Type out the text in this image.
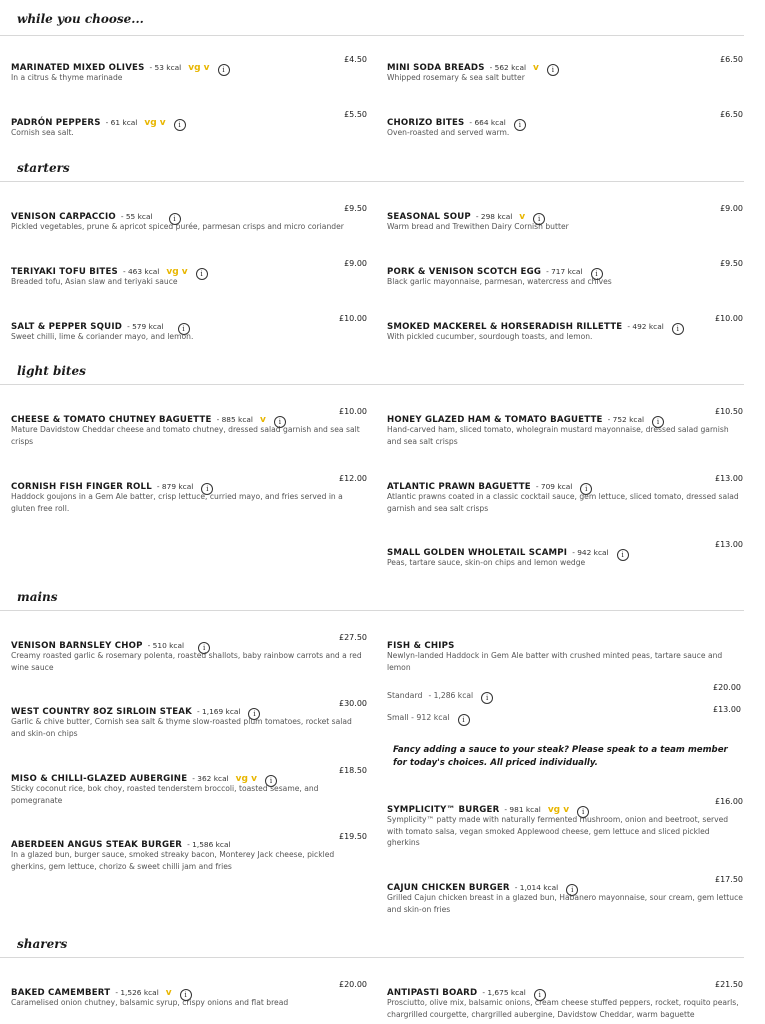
while you choose...
MARINATED MIXED OLIVES - 53 kcal vg v i
£4.50
In a citrus & thyme marinade
MINI SODA BREADS - 562 kcal v i
£6.50
Whipped rosemary & sea salt butter
PADRÓN PEPPERS - 61 kcal vg v i
£5.50
Cornish sea salt.
CHORIZO BITES - 664 kcal i
£6.50
Oven-roasted and served warm.
starters
VENISON CARPACCIO - 55 kcal	i
£9.50
Pickled vegetables, prune & apricot spiced purée, parmesan crisps and micro coriander
SEASONAL SOUP - 298 kcal v i
£9.00
Warm bread and Trewithen Dairy Cornish butter
TERIYAKI TOFU BITES - 463 kcal vg v i
£9.00
Breaded tofu, Asian slaw and teriyaki sauce
PORK & VENISON SCOTCH EGG - 717 kcal i
£9.50
Black garlic mayonnaise, parmesan, watercress and chives
SALT & PEPPER SQUID - 579 kcal	i
£10.00
Sweet chilli, lime & coriander mayo, and lemon.
SMOKED MACKEREL & HORSERADISH RILLETTE - 492 kcal i
£10.00
With pickled cucumber, sourdough toasts, and lemon.
light bites
CHEESE & TOMATO CHUTNEY BAGUETTE - 885 kcal v i
£10.00
Mature Davidstow Cheddar cheese and tomato chutney, dressed salad garnish and sea salt crisps
HONEY GLAZED HAM & TOMATO BAGUETTE - 752 kcal i
£10.50
Hand-carved ham, sliced tomato, wholegrain mustard mayonnaise, dressed salad garnish and sea salt crisps
CORNISH FISH FINGER ROLL - 879 kcal i
£12.00
Haddock goujons in a Gem Ale batter, crisp lettuce, curried mayo, and fries served in a gluten free roll.
ATLANTIC PRAWN BAGUETTE - 709 kcal i
£13.00
Atlantic prawns coated in a classic cocktail sauce, gem lettuce, sliced tomato, dressed salad garnish and sea salt crisps
SMALL GOLDEN WHOLETAIL SCAMPI - 942 kcal i
£13.00
Peas, tartare sauce, skin-on chips and lemon wedge
mains
VENISON BARNSLEY CHOP - 510 kcal	i
£27.50
Creamy roasted garlic & rosemary polenta, roasted shallots, baby rainbow carrots and a red wine sauce
FISH & CHIPS
Newlyn-landed Haddock in Gem Ale batter with crushed minted peas, tartare sauce and lemon
Standard - 1,286 kcal i
£20.00
Small - 912 kcal i
£13.00
Fancy adding a sauce to your steak? Please speak to a team member for today's choices. All priced individually.
WEST COUNTRY 8OZ SIRLOIN STEAK - 1,169 kcal i
£30.00
Garlic & chive butter, Cornish sea salt & thyme slow-roasted plum tomatoes, rocket salad and skin-on chips
MISO & CHILLI-GLAZED AUBERGINE - 362 kcal vg v i
£18.50
Sticky coconut rice, bok choy, roasted tenderstem broccoli, toasted sesame, and pomegranate
SYMPLICITY™ BURGER - 981 kcal vg v i
£16.00
Symplicity™ patty made with naturally fermented mushroom, onion and beetroot, served with tomato salsa, vegan smoked Applewood cheese, gem lettuce and sliced pickled gherkins
ABERDEEN ANGUS STEAK BURGER - 1,586 kcal
£19.50
In a glazed bun, burger sauce, smoked streaky bacon, Monterey Jack cheese, pickled gherkins, gem lettuce, chorizo & sweet chilli jam and fries
CAJUN CHICKEN BURGER - 1,014 kcal i
£17.50
Grilled Cajun chicken breast in a glazed bun, Habanero mayonnaise, sour cream, gem lettuce and skin-on fries
sharers
BAKED CAMEMBERT - 1,526 kcal v i
£20.00
Caramelised onion chutney, balsamic syrup, crispy onions and flat bread
ANTIPASTI BOARD - 1,675 kcal i
£21.50
Prosciutto, olive mix, balsamic onions, cream cheese stuffed peppers, rocket, roquito pearls, chargrilled courgette, chargrilled aubergine, Davidstow Cheddar, warm baguette
